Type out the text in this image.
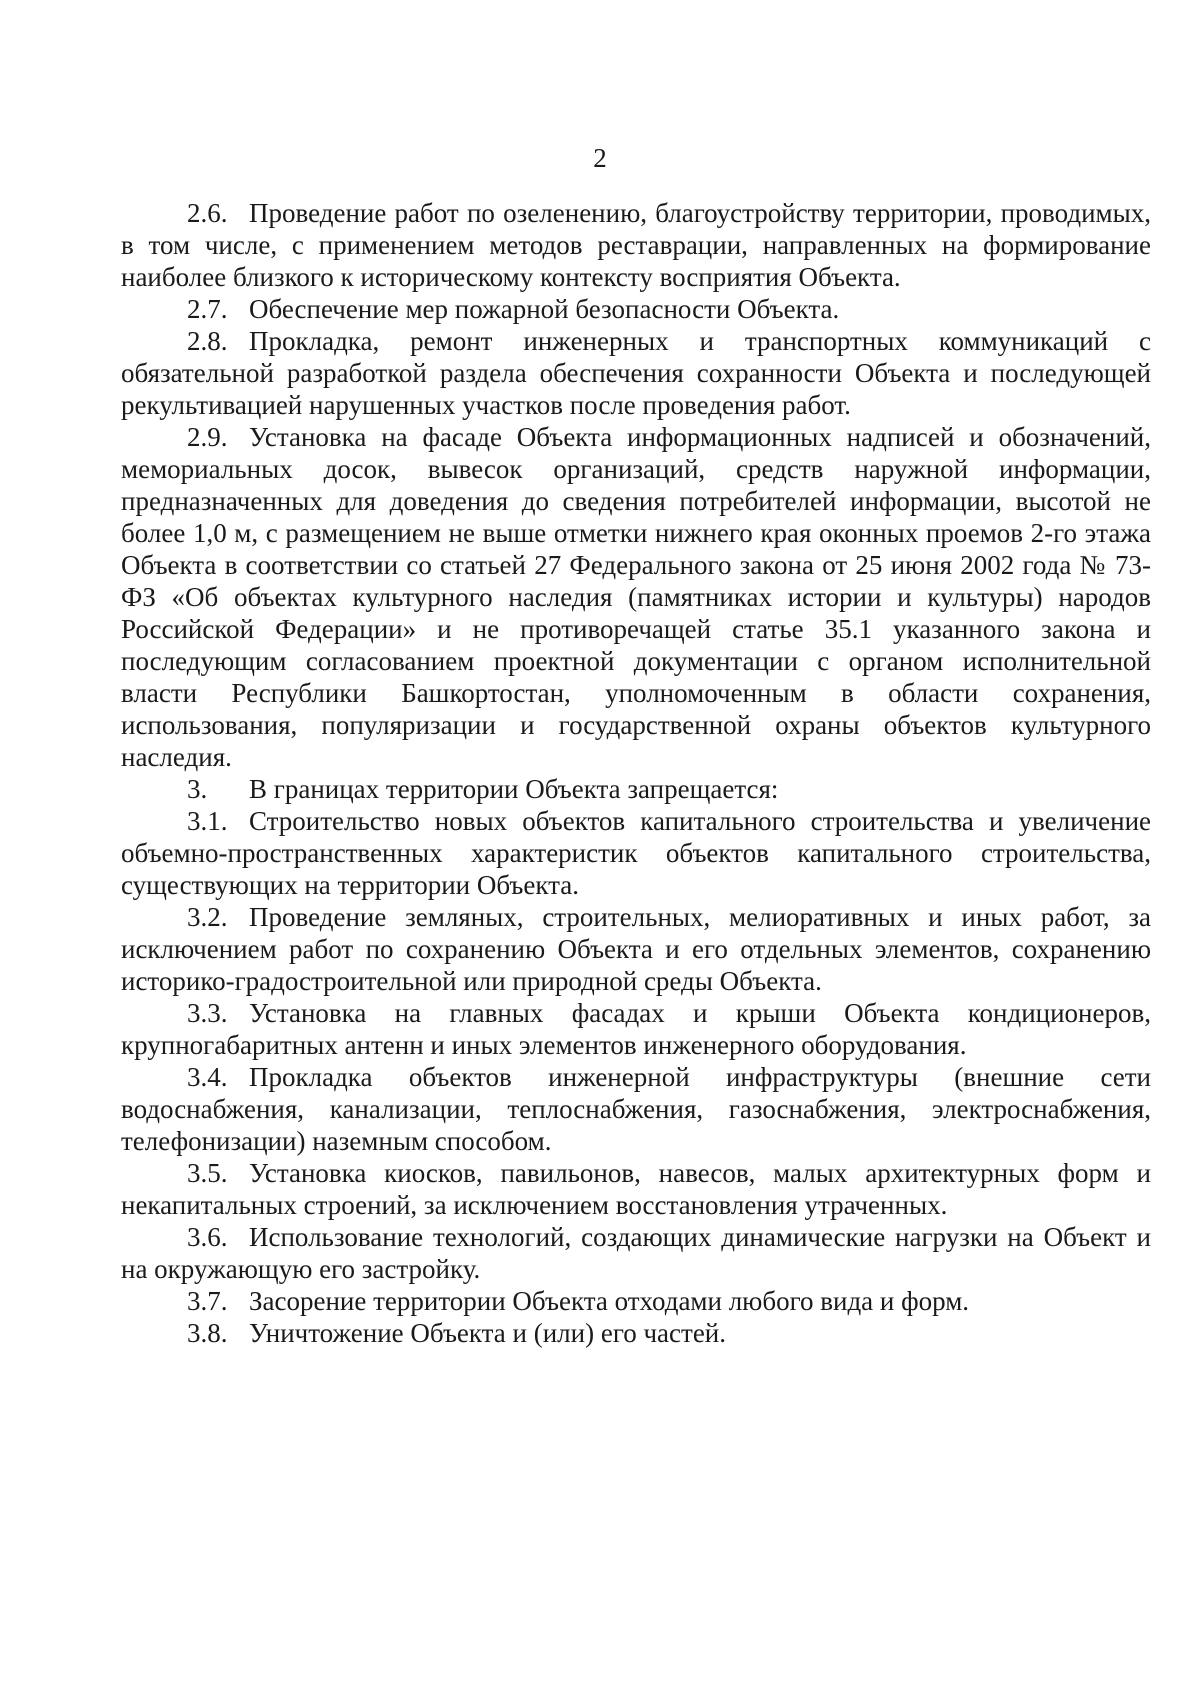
2

2.6. Проведение работ по озеленению, благоустройству территории, проводимых, в том числе, с применением методов реставрации, направленных на формирование наиболее близкого к историческому контексту восприятия Объекта.

2.7. Обеспечение мер пожарной безопасности Объекта.

2.8. Прокладка, ремонт инженерных и транспортных коммуникаций с обязательной разработкой раздела обеспечения сохранности Объекта и последующей рекультивацией нарушенных участков после проведения работ.

2.9. Установка на фасаде Объекта информационных надписей и обозначений, мемориальных досок, вывесок организаций, средств наружной информации, предназначенных для доведения до сведения потребителей информации, высотой не более 1,0 м, с размещением не выше отметки нижнего края оконных проемов 2-го этажа Объекта в соответствии со статьей 27 Федерального закона от 25 июня 2002 года № 73-ФЗ «Об объектах культурного наследия (памятниках истории и культуры) народов Российской Федерации» и не противоречащей статье 35.1 указанного закона и последующим согласованием проектной документации с органом исполнительной власти Республики Башкортостан, уполномоченным в области сохранения, использования, популяризации и государственной охраны объектов культурного наследия.

3. В границах территории Объекта запрещается:

3.1. Строительство новых объектов капитального строительства и увеличение объемно-пространственных характеристик объектов капитального строительства, существующих на территории Объекта.

3.2. Проведение земляных, строительных, мелиоративных и иных работ, за исключением работ по сохранению Объекта и его отдельных элементов, сохранению историко-градостроительной или природной среды Объекта.

3.3. Установка на главных фасадах и крыши Объекта кондиционеров, крупногабаритных антенн и иных элементов инженерного оборудования.

3.4. Прокладка объектов инженерной инфраструктуры (внешние сети водоснабжения, канализации, теплоснабжения, газоснабжения, электроснабжения, телефонизации) наземным способом.

3.5. Установка киосков, павильонов, навесов, малых архитектурных форм и некапитальных строений, за исключением восстановления утраченных.

3.6. Использование технологий, создающих динамические нагрузки на Объект и на окружающую его застройку.

3.7. Засорение территории Объекта отходами любого вида и форм.

3.8. Уничтожение Объекта и (или) его частей.
